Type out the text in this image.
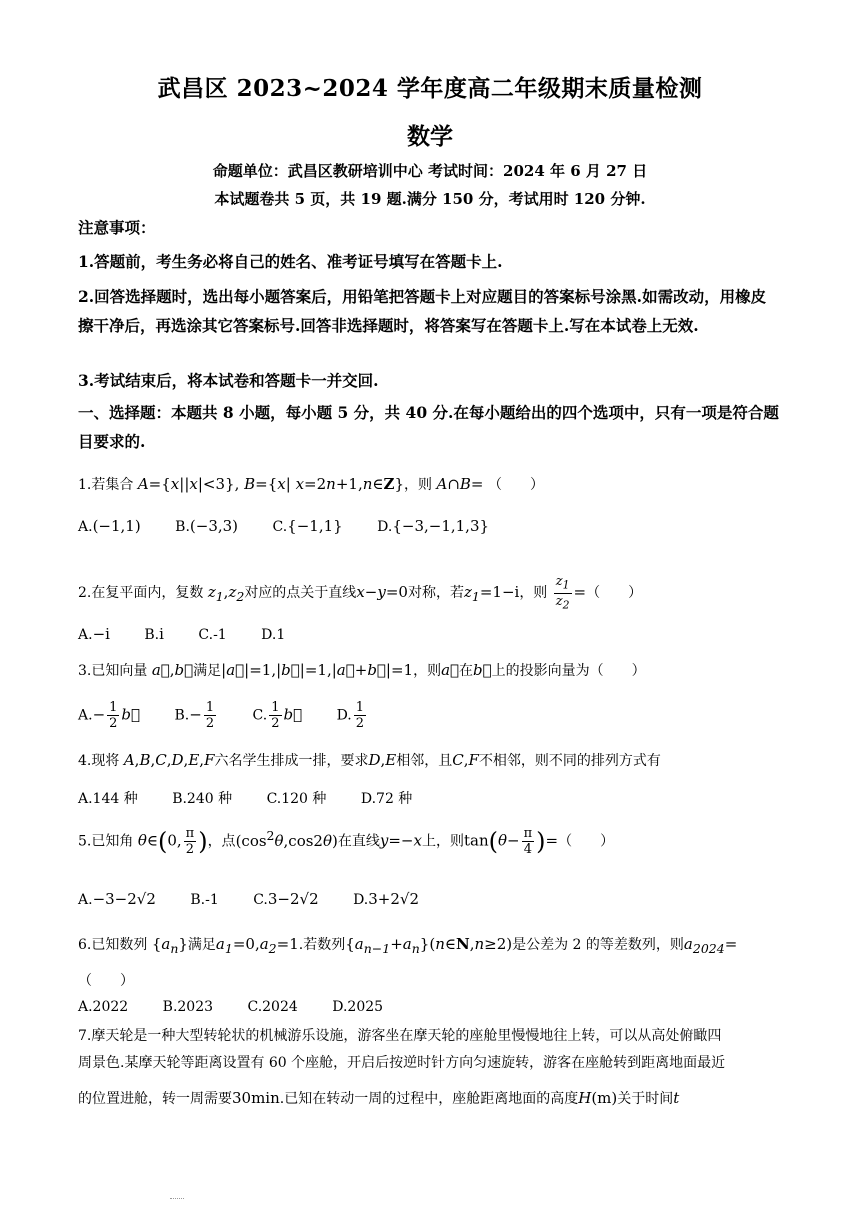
武昌区 2023~2024 学年度高二年级期末质量检测
数学
命题单位：武昌区教研培训中心 考试时间：2024 年 6 月 27 日
本试题卷共 5 页，共 19 题.满分 150 分，考试用时 120 分钟.
注意事项：
1.答题前，考生务必将自己的姓名、准考证号填写在答题卡上.
2.回答选择题时，选出每小题答案后，用铅笔把答题卡上对应题目的答案标号涂黑.如需改动，用橡皮擦干净后，再选涂其它答案标号.回答非选择题时，将答案写在答题卡上.写在本试卷上无效.
3.考试结束后，将本试卷和答题卡一并交回.
一、选择题：本题共 8 小题，每小题 5 分，共 40 分.在每小题给出的四个选项中，只有一项是符合题目要求的.
1.若集合 A={x||x|<3}, B={x| x=2n+1,n∈Z}，则 A∩B= （　　）
A.(−1,1) B.(−3,3) C.{−1,1} D.{−3,−1,1,3}
2.在复平面内，复数 $z_1,z_2$对应的点关于直线x−y=0对称，若$z_1=1-i$，则 $\frac{z_1}{z_2}$ =（　　）
A.−i B.i C.-1 D.1
3.已知向量 a⃗,b⃗满足|a⃗|=1,|b⃗|=1,|a⃗+b⃗|=1，则a⃗在b⃗上的投影向量为（　　）
$A.- \frac{1}{2}$ b⃗ $B.- \frac{1}{2}$	C. $\frac{1}{2}$ b⃗ D. $\frac{1}{2}$
4.现将 A,B,C,D,E,F六名学生排成一排，要求D,E相邻，且C,F不相邻，则不同的排列方式有
A.144 种 B.240 种 C.120 种 D.72 种
5.已知角 θ∈(0, $\frac{\pi}{2}$ )，点$(\cos^2\theta,\cos 2\theta)$在直线y=−x上，则$\tan(\theta- \frac{\pi}{4}$ )=（　　）
A.−3−2√2 B.-1 C.3−2√2 D.3+2√2
6.已知数列 $\{a_n\}$满足$a_1=0,a_2=1$.若数列$\{a_{n-1}+a_n\}(n\in N,n\ge 2)$是公差为 2 的等差数列，则$a_{2024}=$
（　　）
A.2022 B.2023 C.2024 D.2025
7.摩天轮是一种大型转轮状的机械游乐设施，游客坐在摩天轮的座舱里慢慢地往上转，可以从高处俯瞰四
周景色.某摩天轮等距离设置有 60 个座舱，开启后按逆时针方向匀速旋转，游客在座舱转到距离地面最近
的位置进舱，转一周需要30min.已知在转动一周的过程中，座舱距离地面的高度H(m)关于时间t
